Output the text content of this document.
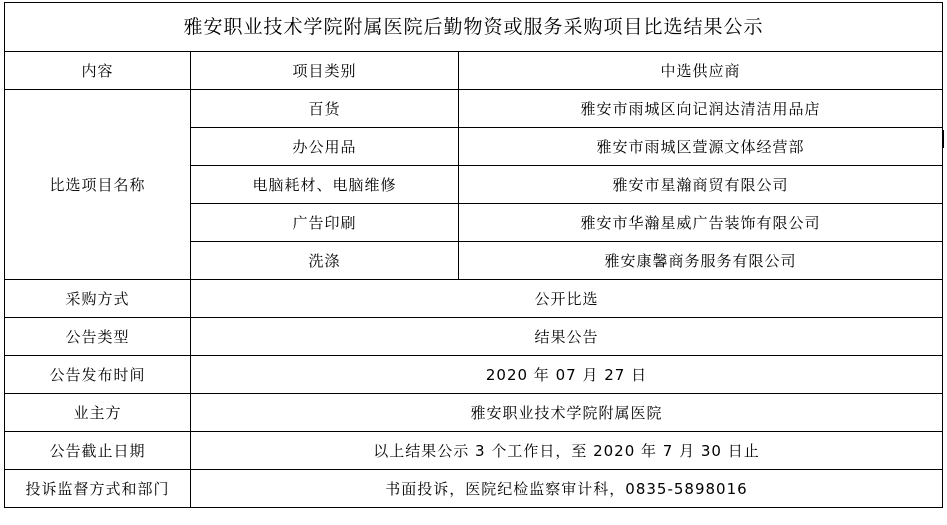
雅安职业技术学院附属医院后勤物资或服务采购项目比选结果公示		
内容	项目类别	中选供应商
比选项目名称	百货	雅安市雨城区向记润达清洁用品店
	办公用品	雅安市雨城区萱源文体经营部
	电脑耗材、电脑维修	雅安市星瀚商贸有限公司
	广告印刷	雅安市华瀚星威广告装饰有限公司
	洗涤	雅安康馨商务服务有限公司
采购方式	公开比选	
公告类型	结果公告	
公告发布时间	2020 年 07 月 27 日	
业主方	雅安职业技术学院附属医院	
公告截止日期	以上结果公示 3 个工作日，至 2020 年 7 月 30 日止	
投诉监督方式和部门	书面投诉，医院纪检监察审计科，0835-5898016	
